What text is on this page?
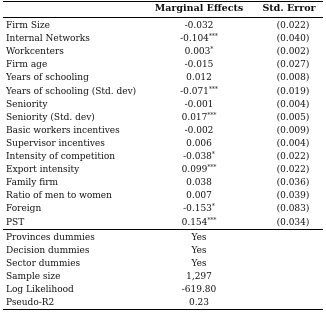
Marginal Effects	Std. Error
Firm Size	-0.032	(0.022)
Internal Networks	-0.104***	(0.040)
Workcenters	0.003*	(0.002)
Firm age	-0.015	(0.027)
Years of schooling	0.012	(0.008)
Years of schooling (Std. dev)	-0.071***	(0.019)
Seniority	-0.001	(0.004)
Seniority (Std. dev)	0.017***	(0.005)
Basic workers incentives	-0.002	(0.009)
Supervisor incentives	0.006	(0.004)
Intensity of competition	-0.038*	(0.022)
Export intensity	0.099***	(0.022)
Family firm	0.038	(0.036)
Ratio of men to women	0.007	(0.039)
Foreign	-0.153*	(0.083)
PST	0.154***	(0.034)
Provinces dummies	Yes
Decision dummies	Yes
Sector dummies	Yes
Sample size	1,297
Log Likelihood	-619.80
Pseudo-R2	0.23
